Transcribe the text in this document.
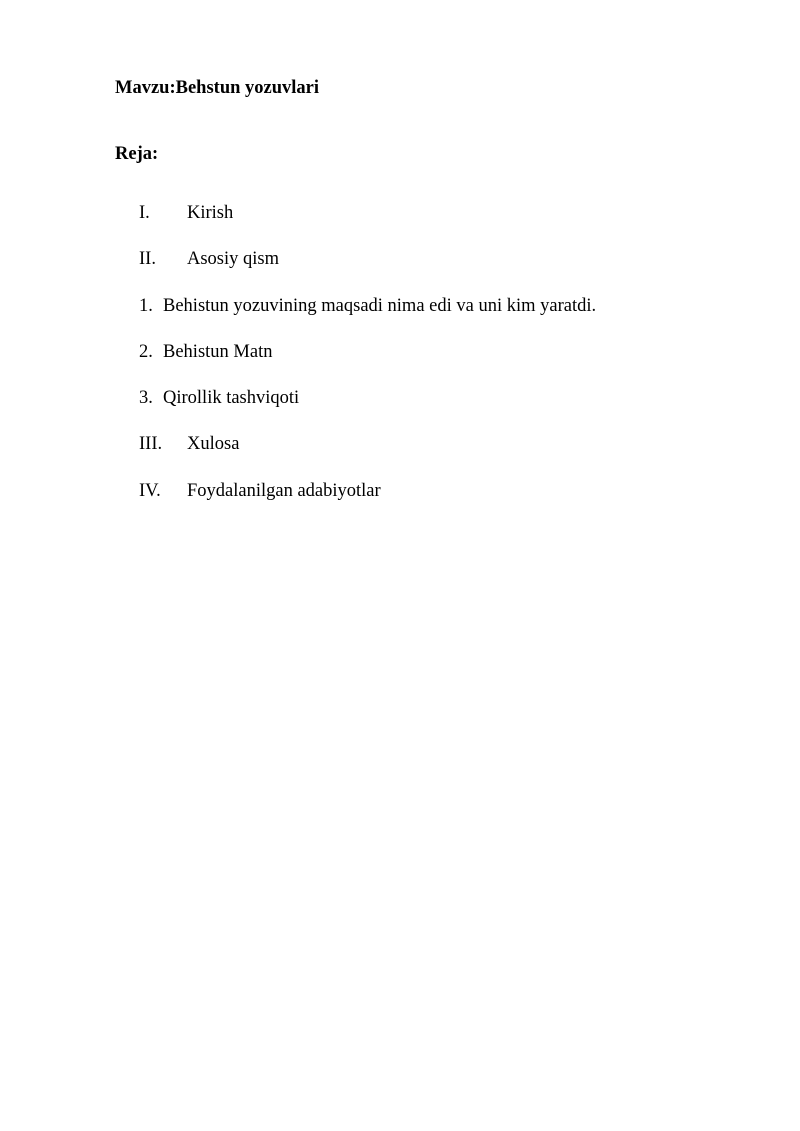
Mavzu:Behstun yozuvlari
Reja:
I. Kirish
II. Asosiy qism
1. Behistun yozuvining maqsadi nima edi va uni kim yaratdi.
2. Behistun Matn
3. Qirollik tashviqoti
III. Xulosa
IV. Foydalanilgan adabiyotlar
